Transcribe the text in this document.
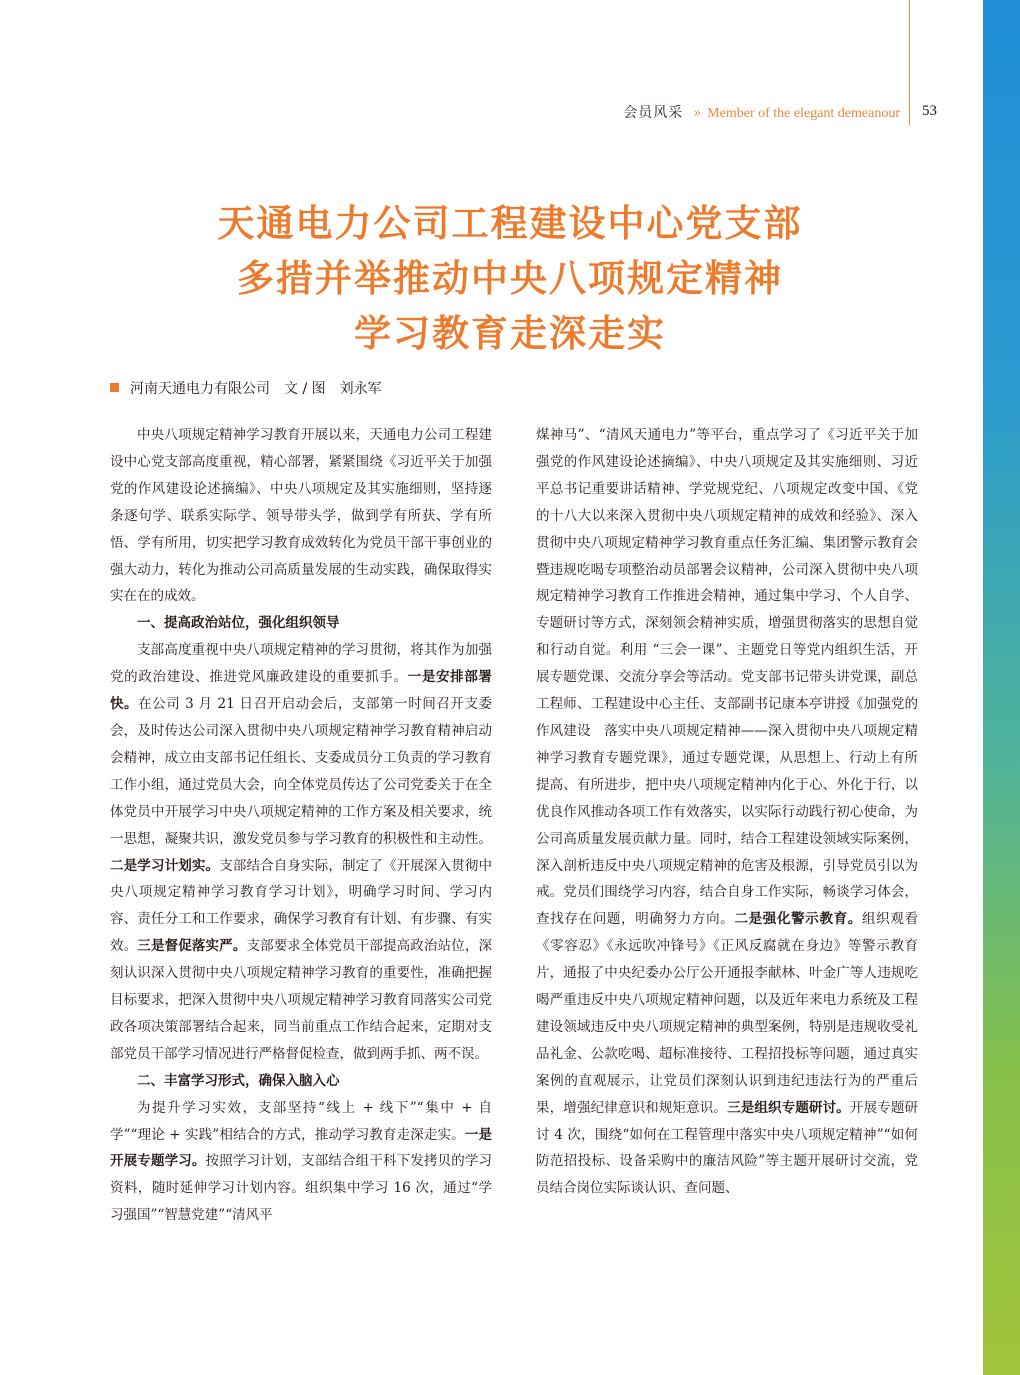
会员风采 » Member of the elegant demeanour 53
天通电力公司工程建设中心党支部
多措并举推动中央八项规定精神
学习教育走深走实
河南天通电力有限公司 文 / 图 刘永军

中央八项规定精神学习教育开展以来，天通电力公司工程建设中心党支部高度重视，精心部署，紧紧围绕《习近平关于加强党的作风建设论述摘编》、中央八项规定及其实施细则，坚持逐条逐句学、联系实际学、领导带头学，做到学有所获、学有所悟、学有所用，切实把学习教育成效转化为党员干部干事创业的强大动力，转化为推动公司高质量发展的生动实践，确保取得实实在在的成效。

一、提高政治站位，强化组织领导

支部高度重视中央八项规定精神的学习贯彻，将其作为加强党的政治建设、推进党风廉政建设的重要抓手。一是安排部署快。在公司 3 月 21 日召开启动会后，支部第一时间召开支委会，及时传达公司深入贯彻中央八项规定精神学习教育精神启动会精神，成立由支部书记任组长、支委成员分工负责的学习教育工作小组，通过党员大会，向全体党员传达了公司党委关于在全体党员中开展学习中央八项规定精神的工作方案及相关要求，统一思想，凝聚共识，激发党员参与学习教育的积极性和主动性。二是学习计划实。支部结合自身实际，制定了《开展深入贯彻中央八项规定精神学习教育学习计划》，明确学习时间、学习内容、责任分工和工作要求，确保学习教育有计划、有步骤、有实效。三是督促落实严。支部要求全体党员干部提高政治站位，深刻认识深入贯彻中央八项规定精神学习教育的重要性，准确把握目标要求，把深入贯彻中央八项规定精神学习教育同落实公司党政各项决策部署结合起来，同当前重点工作结合起来，定期对支部党员干部学习情况进行严格督促检查，做到两手抓、两不误。

二、丰富学习形式，确保入脑入心

为提升学习实效，支部坚持“线上 + 线下”“集中 + 自学”“理论 + 实践”相结合的方式，推动学习教育走深走实。一是开展专题学习。按照学习计划，支部结合组干科下发拷贝的学习资料，随时延伸学习计划内容。组织集中学习 16 次，通过“学习强国”“智慧党建”“清风平

煤神马”、“清风天通电力”等平台，重点学习了《习近平关于加强党的作风建设论述摘编》、中央八项规定及其实施细则、习近平总书记重要讲话精神、学党规党纪、八项规定改变中国、《党的十八大以来深入贯彻中央八项规定精神的成效和经验》、深入贯彻中央八项规定精神学习教育重点任务汇编、集团警示教育会暨违规吃喝专项整治动员部署会议精神，公司深入贯彻中央八项规定精神学习教育工作推进会精神，通过集中学习、个人自学、专题研讨等方式，深刻领会精神实质，增强贯彻落实的思想自觉和行动自觉。利用 “三会一课”、主题党日等党内组织生活，开展专题党课、交流分享会等活动。党支部书记带头讲党课，副总工程师、工程建设中心主任、支部副书记康本亭讲授《加强党的作风建设　落实中央八项规定精神——深入贯彻中央八项规定精神学习教育专题党课》，通过专题党课，从思想上、行动上有所提高、有所进步，把中央八项规定精神内化于心、外化于行，以优良作风推动各项工作有效落实，以实际行动践行初心使命，为公司高质量发展贡献力量。同时，结合工程建设领域实际案例，深入剖析违反中央八项规定精神的危害及根源，引导党员引以为戒。党员们围绕学习内容，结合自身工作实际，畅谈学习体会，查找存在问题，明确努力方向。二是强化警示教育。组织观看《零容忍》《永远吹冲锋号》《正风反腐就在身边》等警示教育片，通报了中央纪委办公厅公开通报李献林、叶金广等人违规吃喝严重违反中央八项规定精神问题，以及近年来电力系统及工程建设领域违反中央八项规定精神的典型案例，特别是违规收受礼品礼金、公款吃喝、超标准接待、工程招投标等问题，通过真实案例的直观展示，让党员们深刻认识到违纪违法行为的严重后果，增强纪律意识和规矩意识。三是组织专题研讨。开展专题研讨 4 次，围绕“如何在工程管理中落实中央八项规定精神”“如何防范招投标、设备采购中的廉洁风险”等主题开展研讨交流，党员结合岗位实际谈认识、查问题、
